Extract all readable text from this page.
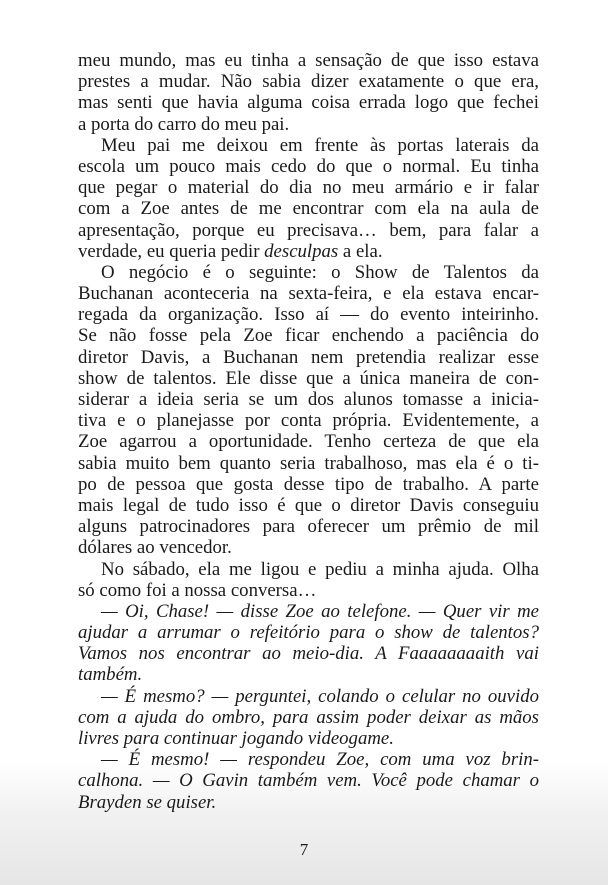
meu mundo, mas eu tinha a sensação de que isso estava
prestes a mudar. Não sabia dizer exatamente o que era,
mas senti que havia alguma coisa errada logo que fechei
a porta do carro do meu pai.
Meu pai me deixou em frente às portas laterais da
escola um pouco mais cedo do que o normal. Eu tinha
que pegar o material do dia no meu armário e ir falar
com a Zoe antes de me encontrar com ela na aula de
apresentação, porque eu precisava… bem, para falar a
verdade, eu queria pedir desculpas a ela.
O negócio é o seguinte: o Show de Talentos da
Buchanan aconteceria na sexta-feira, e ela estava encar-
regada da organização. Isso aí — do evento inteirinho.
Se não fosse pela Zoe ficar enchendo a paciência do
diretor Davis, a Buchanan nem pretendia realizar esse
show de talentos. Ele disse que a única maneira de con-
siderar a ideia seria se um dos alunos tomasse a inicia-
tiva e o planejasse por conta própria. Evidentemente, a
Zoe agarrou a oportunidade. Tenho certeza de que ela
sabia muito bem quanto seria trabalhoso, mas ela é o ti-
po de pessoa que gosta desse tipo de trabalho. A parte
mais legal de tudo isso é que o diretor Davis conseguiu
alguns patrocinadores para oferecer um prêmio de mil
dólares ao vencedor.
No sábado, ela me ligou e pediu a minha ajuda. Olha
só como foi a nossa conversa…
— Oi, Chase! — disse Zoe ao telefone. — Quer vir me
ajudar a arrumar o refeitório para o show de talentos?
Vamos nos encontrar ao meio-dia. A Faaaaaaaaith vai
também.
— É mesmo? — perguntei, colando o celular no ouvido
com a ajuda do ombro, para assim poder deixar as mãos
livres para continuar jogando videogame.
— É mesmo! — respondeu Zoe, com uma voz brin-
calhona. — O Gavin também vem. Você pode chamar o
Brayden se quiser.
7
